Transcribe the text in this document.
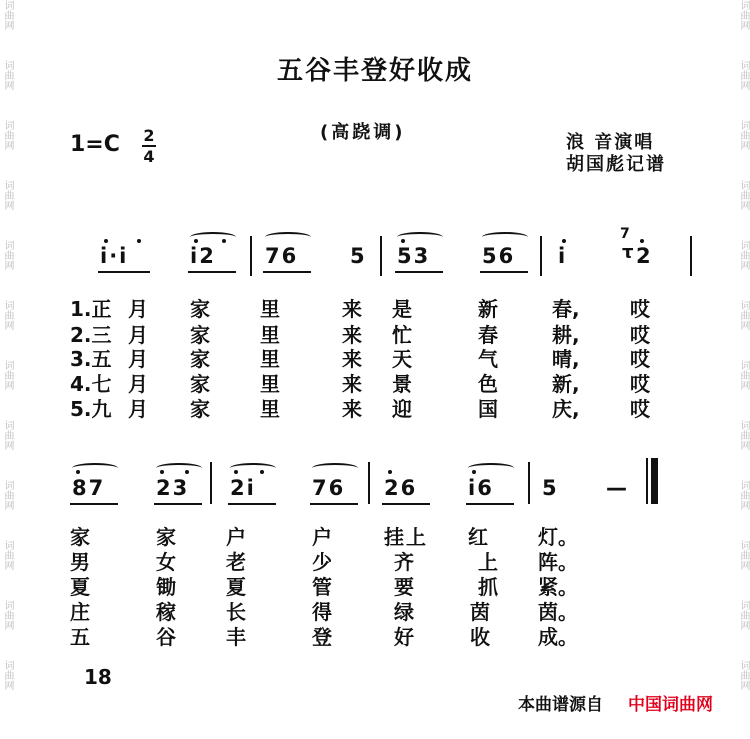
词曲网
词曲网
词曲网
词曲网
词曲网
词曲网
词曲网
词曲网
词曲网
词曲网
词曲网
词曲网
词曲网
词曲网
词曲网
词曲网
词曲网
词曲网
词曲网
词曲网
词曲网
词曲网
词曲网
词曲网
五谷丰登好收成
1=C 2
4
(高跷调)	浪 音演唱
胡国彪记谱
i·i	i2 76 5 53 56 i	2
7
τ
1.正 月 家	里	来 是	新	春,	哎
2.三 月 家	里	来 忙	春	耕,	哎
3.五 月 家	里	来 天	气	晴,	哎
4.七 月 家	里	来 景	色	新,	哎
5.九 月 家	里	来 迎	国	庆,	哎
87 23 2i	76 26 i6 5 —
家	家	户	户	挂 上 红	灯。
男	女	老	少	齐	上 阵。
夏	锄	夏	管	要	抓 紧。
庄	稼	长	得	绿	茵 茵。
五	谷	丰	登	好	收 成。
18
本曲谱源自 中国词曲网
